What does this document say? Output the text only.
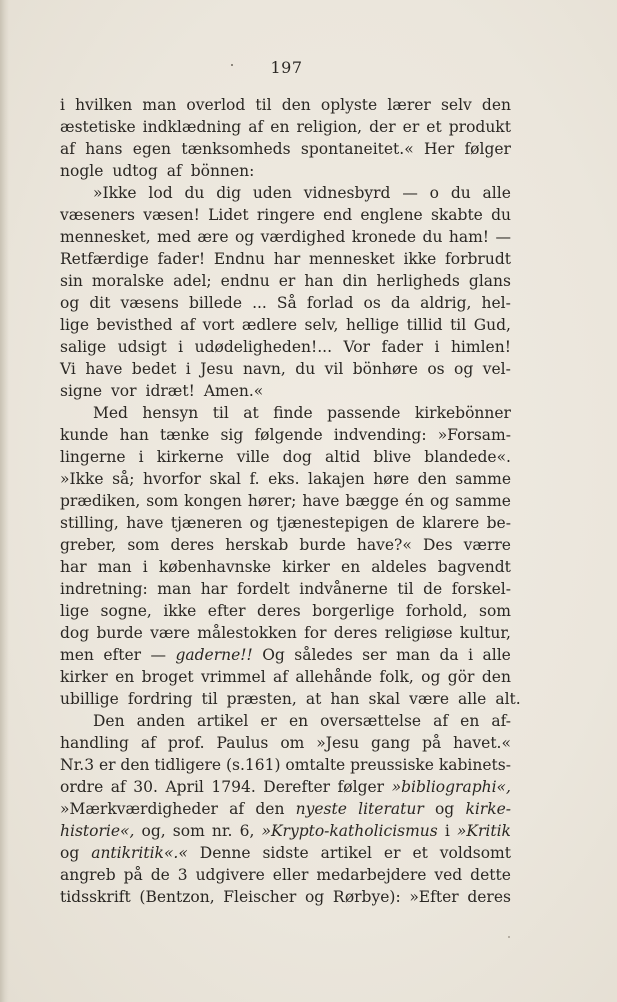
197
i hvilken man overlod til den oplyste lærer selv den
æstetiske indklædning af en religion, der er et produkt
af hans egen tænksomheds spontaneitet.« Her følger
nogle udtog af bönnen:
»Ikke lod du dig uden vidnesbyrd — o du alle
væseners væsen! Lidet ringere end englene skabte du
mennesket, med ære og værdighed kronede du ham! —
Retfærdige fader! Endnu har mennesket ikke forbrudt
sin moralske adel; endnu er han din herligheds glans
og dit væsens billede ... Så forlad os da aldrig, hel-
lige bevisthed af vort ædlere selv, hellige tillid til Gud,
salige udsigt i udødeligheden!... Vor fader i himlen!
Vi have bedet i Jesu navn, du vil bönhøre os og vel-
signe vor idræt! Amen.«
Med hensyn til at finde passende kirkebönner
kunde han tænke sig følgende indvending: »Forsam-
lingerne i kirkerne ville dog altid blive blandede«.
»Ikke så; hvorfor skal f. eks. lakajen høre den samme
prædiken, som kongen hører; have bægge én og samme
stilling, have tjæneren og tjænestepigen de klarere be-
greber, som deres herskab burde have?« Des værre
har man i københavnske kirker en aldeles bagvendt
indretning: man har fordelt indvånerne til de forskel-
lige sogne, ikke efter deres borgerlige forhold, som
dog burde være målestokken for deres religiøse kultur,
men efter — gaderne!! Og således ser man da i alle
kirker en broget vrimmel af allehånde folk, og gör den
ubillige fordring til præsten, at han skal være alle alt.
Den anden artikel er en oversættelse af en af-
handling af prof. Paulus om »Jesu gang på havet.«
Nr.3 er den tidligere (s.161) omtalte preussiske kabinets-
ordre af 30. April 1794. Derefter følger »bibliographi«,
»Mærkværdigheder af den nyeste literatur og kirke-
historie«, og, som nr. 6, »Krypto-katholicismus i »Kritik
og antikritik«.« Denne sidste artikel er et voldsomt
angreb på de 3 udgivere eller medarbejdere ved dette
tidsskrift (Bentzon, Fleischer og Rørbye): »Efter deres
